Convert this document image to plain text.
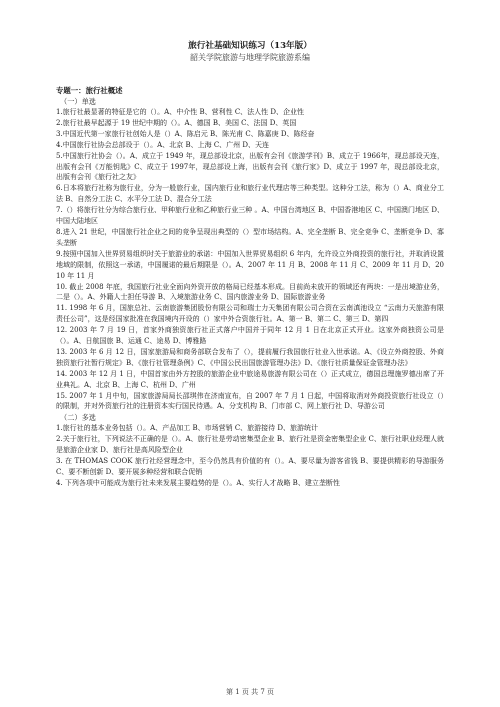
旅行社基础知识练习（13年版）
韶关学院旅游与地理学院旅游系编
专题一：旅行社概述
（一）单选
1.旅行社最显著的特征是它的（）。A、中介性 B、营利性 C、法人性 D、企业性
2.旅行社最早起源于 19 世纪中期的（）。A、德国 B、美国 C、法国 D、英国
3.中国近代第一家旅行社创始人是（）A、陈启元 B、陈光甫 C、陈嘉庚 D、陈经奋
4.中国旅行社协会总部设于（）。A、北京 B、上海 C、广州 D、天连
5.中国旅行社协会（）。A、成立于 1949 年，现总部设北京，出版有会刊《旅游学刊》B、成立于 1966年，现总部设天连，出版有会刊《万能钥匙》C、成立于 1997年，现总部设上海，出版有会刊《旅行家》D、成立于 1997 年，现总部设北京，出版有会刊《旅行社之友》
6.日本将旅行社称为旅行业，分为一般旅行业，国内旅行业和旅行业代理店等三种类型。这种分工法，称为（）A、商业分工法 B、自然分工法 C、水平分工法 D、混合分工法
7.（）将旅行社分为综合旅行业、甲种旅行业和乙种旅行业三种 。A、中国台湾地区 B、中国香港地区 C、中国澳门地区 D、中国大陆地区
8.进入 21 世纪，中国旅行社企业之间的竞争呈现出典型的（）型市场结构。A、完全垄断 B、完全竞争 C、垄断竞争 D、寡头垄断
9.按照中国加入世界贸易组织时关于旅游业的承诺：中国加入世界贸易组织 6 年内，允许设立外商投资的旅行社，并取消设置地域的限制，依照这一承诺，中国履诺的最后期限是（）。A、2007 年 11 月 B、2008 年 11 月 C、2009 年 11 月 D、2010 年 11 月
10. 截止 2008 年底，我国旅行社业全面向外资开放的格局已经基本形成。目前尚未放开的领域还有两块：一是出境游业务，二是（）。A、外籍人士担任导游 B、入境旅游业务 C、国内旅游业务 D、国际旅游业务
11. 1998 年 6 月，国旅总社、云南旅游集团股份有限公司和瑞士力天集团有限公司合资在云南滇池设立 “云南力天旅游有限责任公司”，这是经国家批准在我国境内开设的（）家中外合资旅行社。A、第一 B、第二 C、第三 D、第四
12. 2003 年 7 月 19 日，首家外商独资旅行社正式落户中国并于同年 12 月 1 日在北京正式开业。这家外商独资公司是（）。A、日航国旅 B、运通 C、途易 D、博雅路
13. 2003 年 6 月 12 日，国家旅游局和商务部联合发布了（），提前履行我国旅行社业入世承诺。A、《设立外商控股、外商独资旅行社暂行规定》B、《旅行社管理条例》C、《中国公民出国旅游管理办法》D、《旅行社质量保证金管理办法》
14. 2003 年 12 月 1 日，中国首家由外方控股的旅游企业中旅途易旅游有限公司在（）正式成立，德国总理施罗德出席了开业典礼。A、北京 B、上海 C、杭州 D、广州
15. 2007 年 1 月中旬，国家旅游局局长邵琪伟在济南宣布，自 2007 年 7 月 1 日起，中国将取消对外商投资旅行社设立（）的限制，并对外资旅行社的注册资本实行国民待遇。A、分支机构 B、门市部 C、网上旅行社 D、导游公司
（二）多选
1.旅行社的基本业务包括（）。A、产品加工 B、市场营销 C、旅游接待 D、旅游统计
2.关于旅行社，下列说法不正确的是（）。A、旅行社是劳动密集型企业 B、旅行社是资金密集型企业 C、旅行社职业经理人就是旅游企业家 D、旅行社是高风险型企业
3. 在 THOMAS COOK 旅行社经营理念中，至今仍然具有价值的有（）。A、要尽量为游客省钱 B、要提供精彩的导游服务 C、要不断创新 D、要开展多种经营和联合促销
4. 下列各项中可能成为旅行社未来发展主要趋势的是（）。A、实行人才战略 B、建立垄断性
第 1 页 共 7 页
